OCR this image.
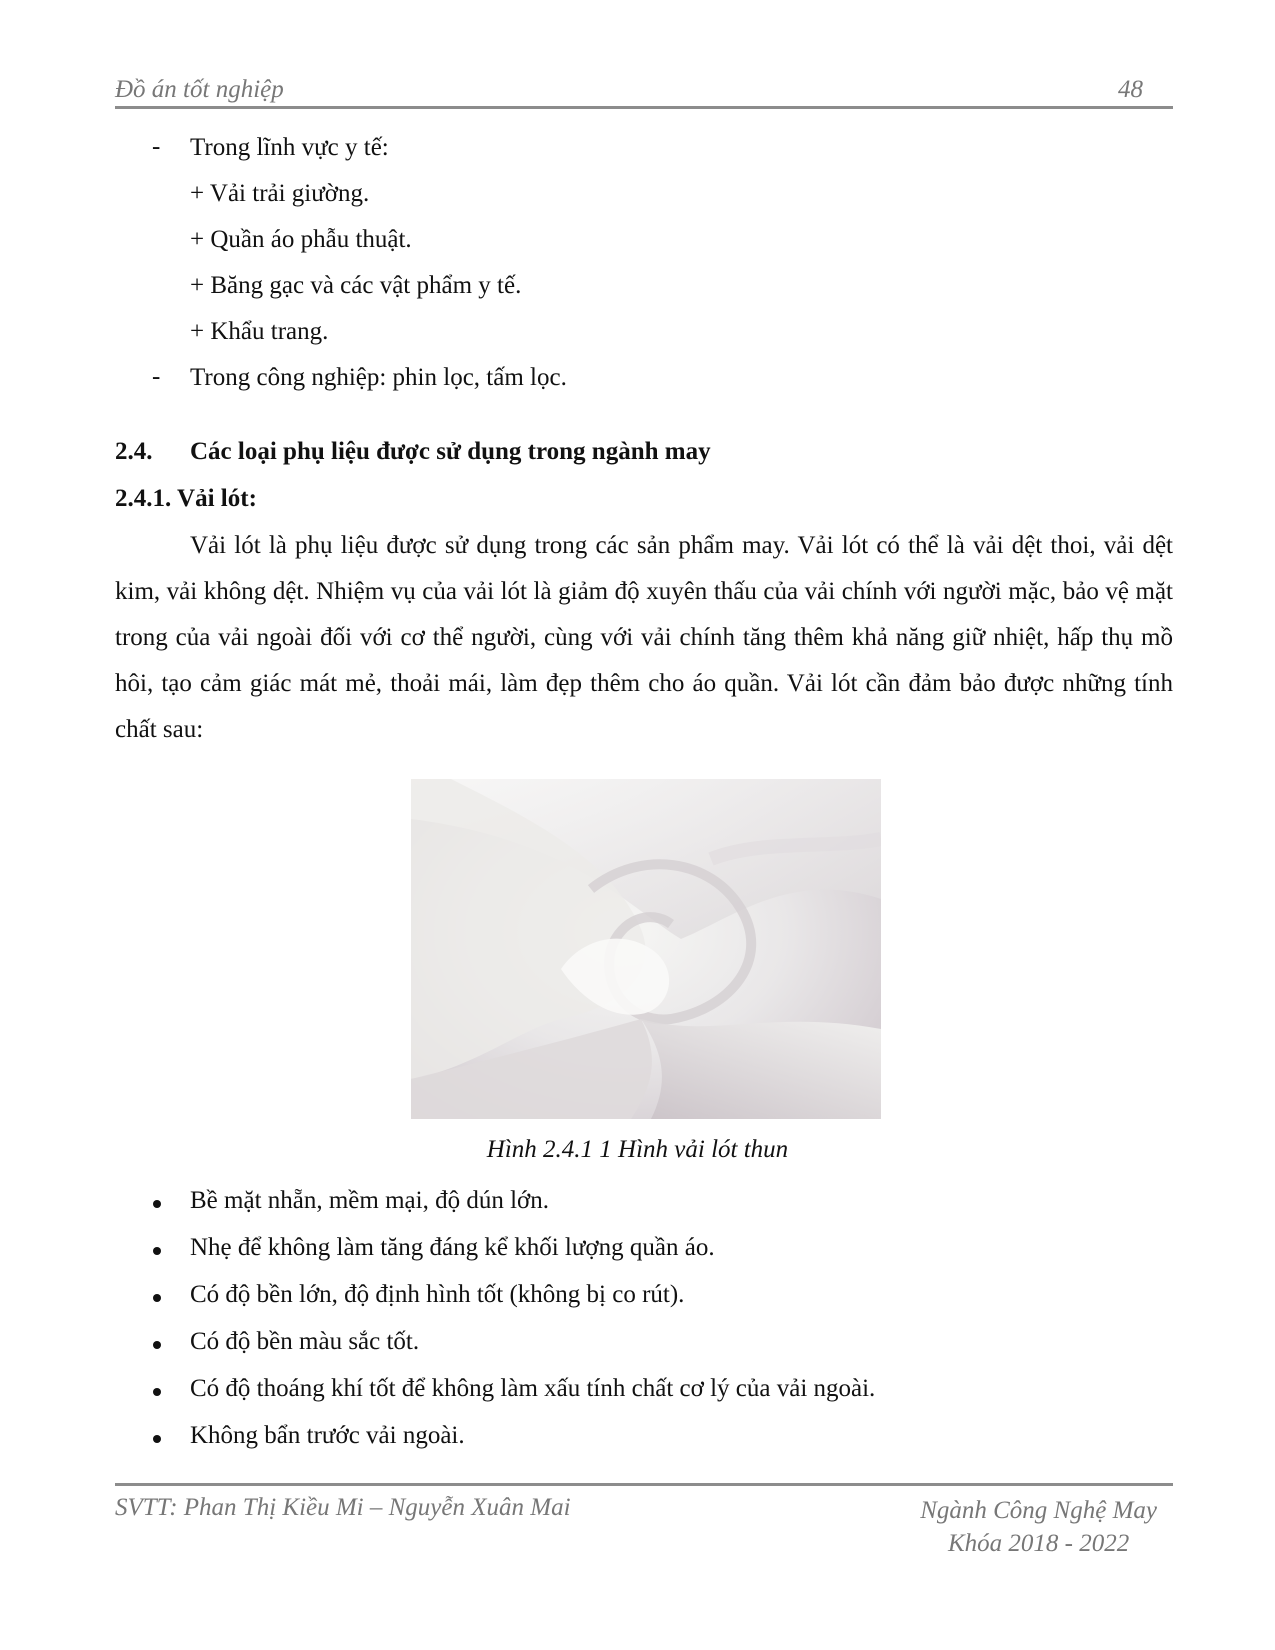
Đồ án tốt nghiệp	48
- Trong lĩnh vực y tế:
+ Vải trải giường.
+ Quần áo phẫu thuật.
+ Băng gạc và các vật phẩm y tế.
+ Khẩu trang.
- Trong công nghiệp: phin lọc, tấm lọc.
2.4. Các loại phụ liệu được sử dụng trong ngành may
2.4.1. Vải lót:
Vải lót là phụ liệu được sử dụng trong các sản phẩm may. Vải lót có thể là vải dệt thoi, vải dệt kim, vải không dệt. Nhiệm vụ của vải lót là giảm độ xuyên thấu của vải chính với người mặc, bảo vệ mặt trong của vải ngoài đối với cơ thể người, cùng với vải chính tăng thêm khả năng giữ nhiệt, hấp thụ mồ hôi, tạo cảm giác mát mẻ, thoải mái, làm đẹp thêm cho áo quần. Vải lót cần đảm bảo được những tính chất sau:
Hình 2.4.1 1 Hình vải lót thun
Bề mặt nhẵn, mềm mại, độ dún lớn.
Nhẹ để không làm tăng đáng kể khối lượng quần áo.
Có độ bền lớn, độ định hình tốt (không bị co rút).
Có độ bền màu sắc tốt.
Có độ thoáng khí tốt để không làm xấu tính chất cơ lý của vải ngoài.
Không bẩn trước vải ngoài.
SVTT: Phan Thị Kiều Mi – Nguyễn Xuân Mai	Ngành Công Nghệ May
Khóa 2018 - 2022
